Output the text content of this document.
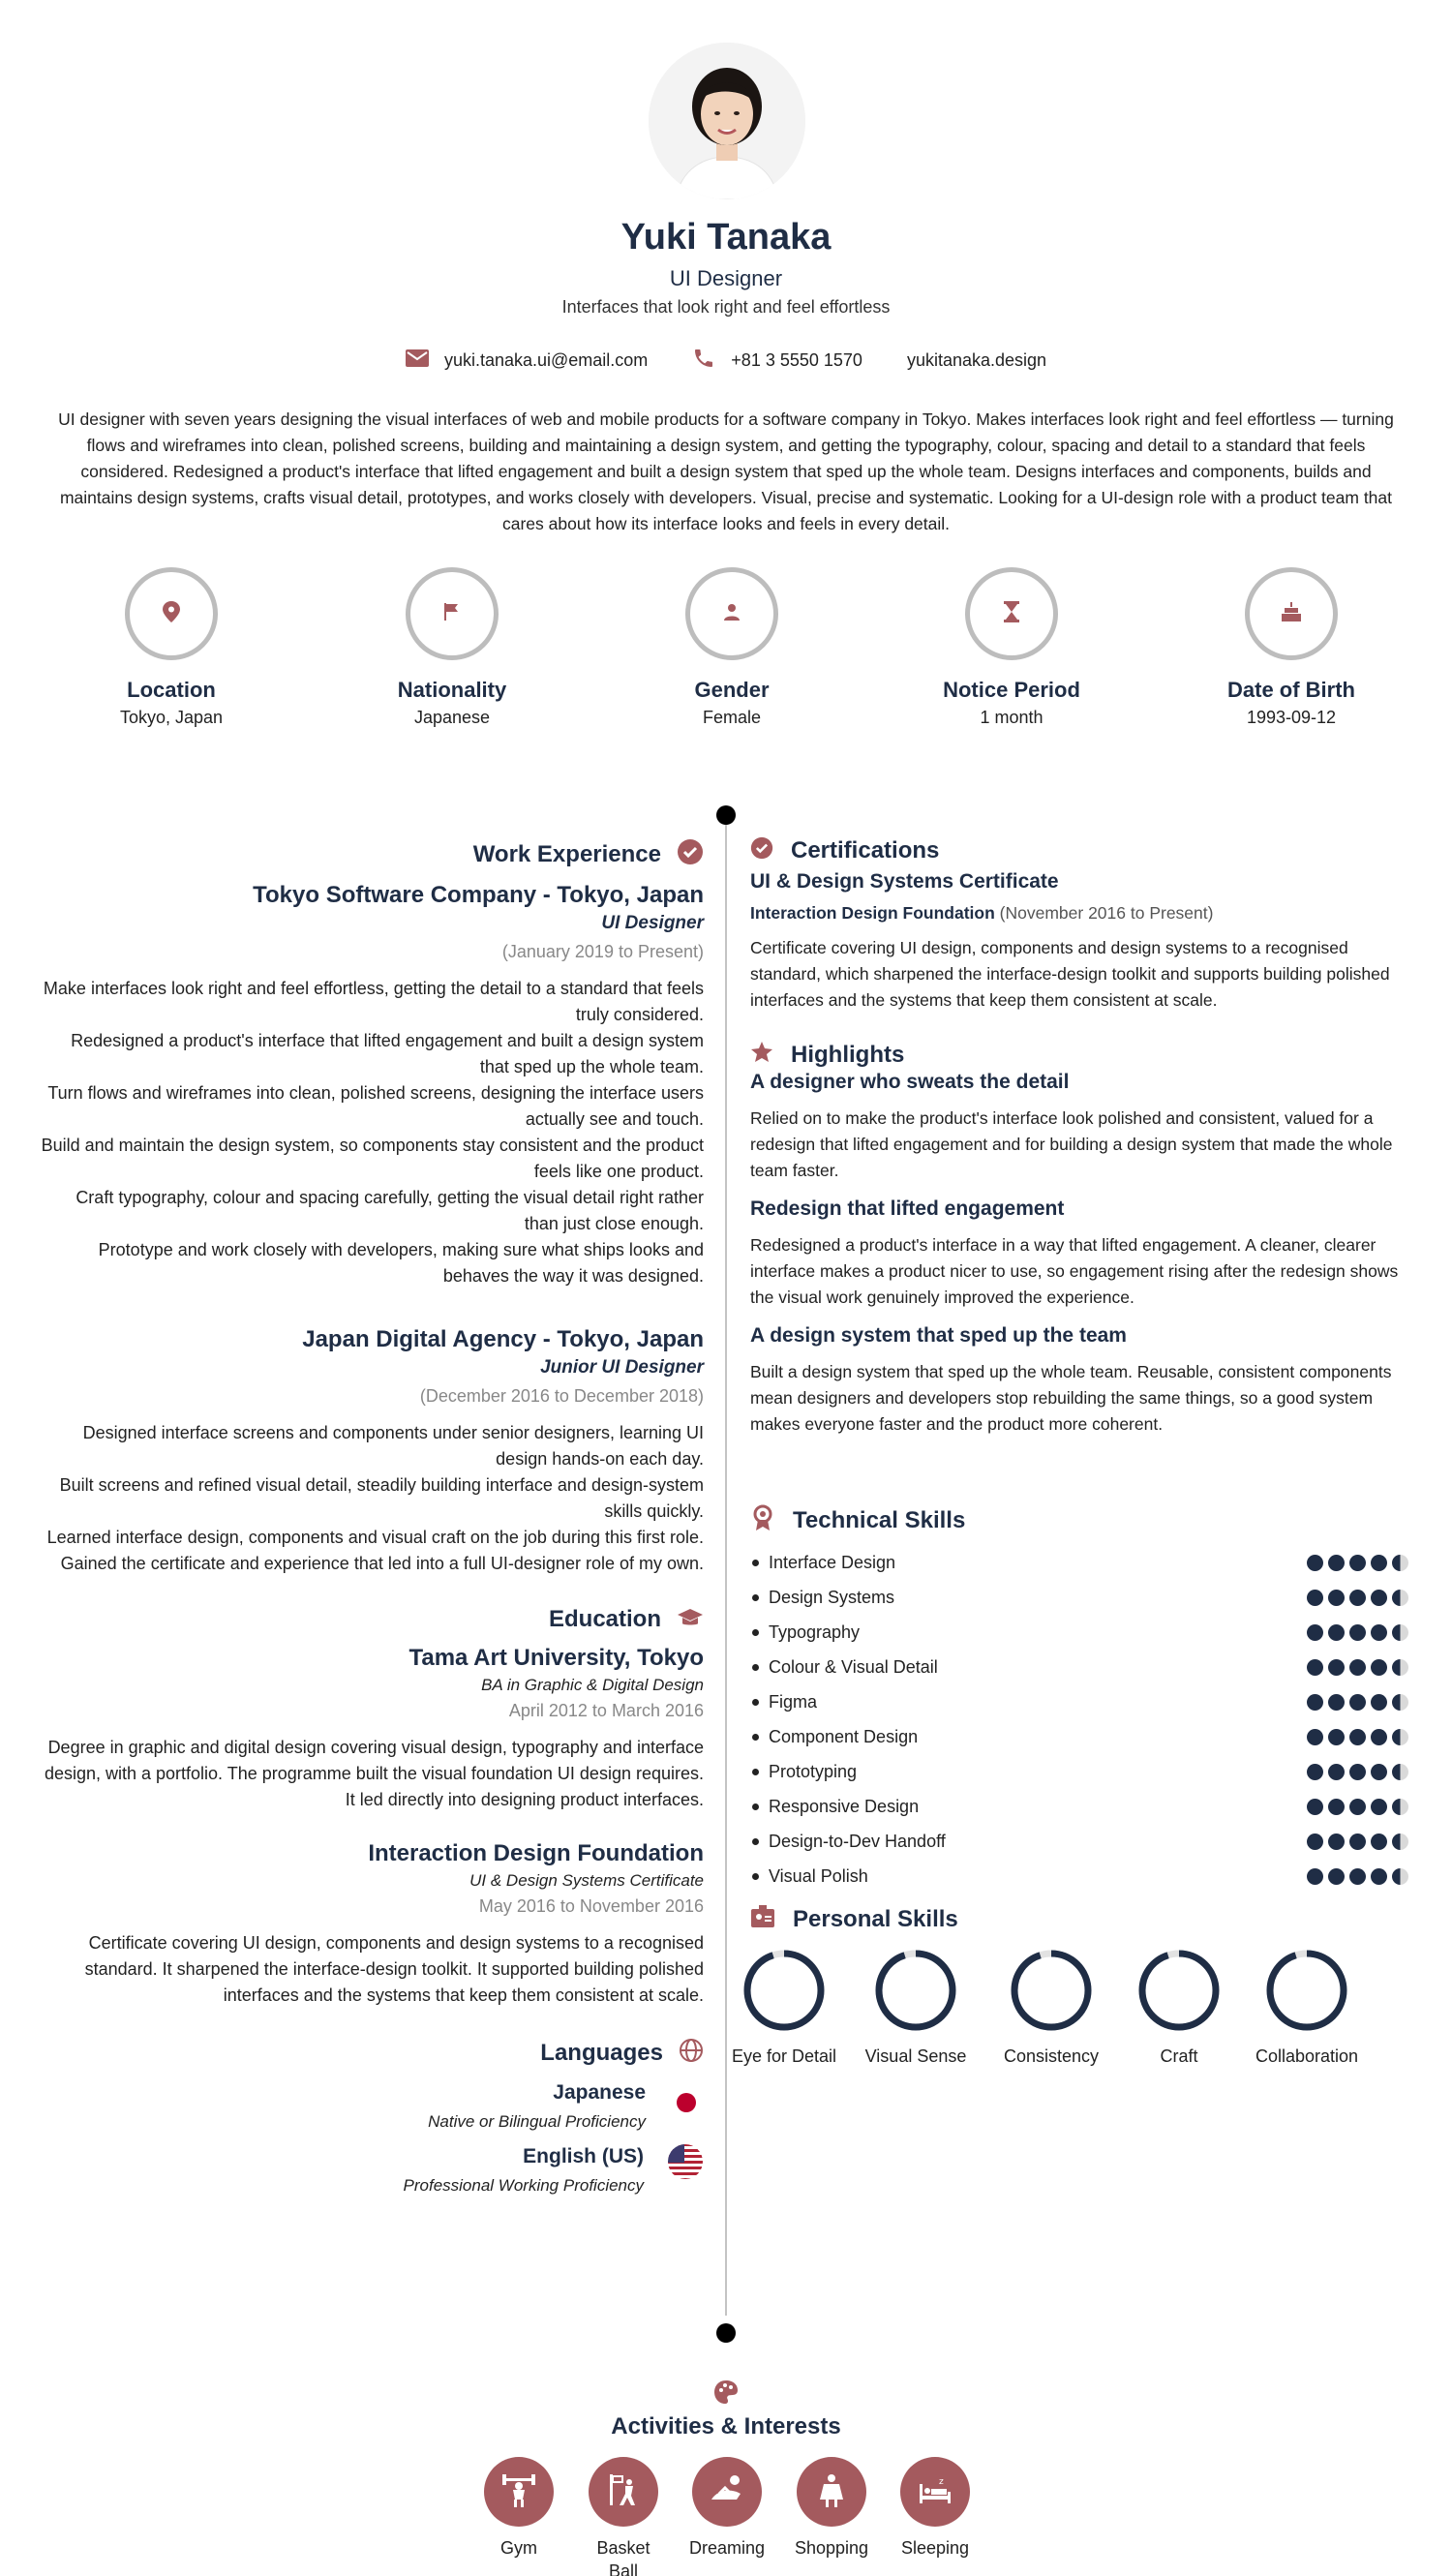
Yuki Tanaka
UI Designer
Interfaces that look right and feel effortless
yuki.tanaka.ui@email.com	+81 3 5550 1570	yukitanaka.design
UI designer with seven years designing the visual interfaces of web and mobile products for a software company in Tokyo. Makes interfaces look right and feel effortless — turning flows and wireframes into clean, polished screens, building and maintaining a design system, and getting the typography, colour, spacing and detail to a standard that feels considered. Redesigned a product's interface that lifted engagement and built a design system that sped up the whole team. Designs interfaces and components, builds and maintains design systems, crafts visual detail, prototypes, and works closely with developers. Visual, precise and systematic. Looking for a UI-design role with a product team that cares about how its interface looks and feels in every detail.
Location
Tokyo, Japan
Nationality
Japanese
Gender
Female
Notice Period
1 month
Date of Birth
1993-09-12
Work Experience
Tokyo Software Company - Tokyo, Japan
UI Designer
(January 2019 to Present)
Make interfaces look right and feel effortless, getting the detail to a standard that feels truly considered.
Redesigned a product's interface that lifted engagement and built a design system that sped up the whole team.
Turn flows and wireframes into clean, polished screens, designing the interface users actually see and touch.
Build and maintain the design system, so components stay consistent and the product feels like one product.
Craft typography, colour and spacing carefully, getting the visual detail right rather than just close enough.
Prototype and work closely with developers, making sure what ships looks and behaves the way it was designed.
Japan Digital Agency - Tokyo, Japan
Junior UI Designer
(December 2016 to December 2018)
Designed interface screens and components under senior designers, learning UI design hands-on each day.
Built screens and refined visual detail, steadily building interface and design-system skills quickly.
Learned interface design, components and visual craft on the job during this first role.
Gained the certificate and experience that led into a full UI-designer role of my own.
Education
Tama Art University, Tokyo
BA in Graphic & Digital Design
April 2012 to March 2016
Degree in graphic and digital design covering visual design, typography and interface design, with a portfolio. The programme built the visual foundation UI design requires. It led directly into designing product interfaces.
Interaction Design Foundation
UI & Design Systems Certificate
May 2016 to November 2016
Certificate covering UI design, components and design systems to a recognised standard. It sharpened the interface-design toolkit. It supported building polished interfaces and the systems that keep them consistent at scale.
Languages
Japanese
Native or Bilingual Proficiency
English (US)
Professional Working Proficiency
Certifications
UI & Design Systems Certificate
Interaction Design Foundation (November 2016 to Present)
Certificate covering UI design, components and design systems to a recognised standard, which sharpened the interface-design toolkit and supports building polished interfaces and the systems that keep them consistent at scale.
Highlights
A designer who sweats the detail
Relied on to make the product's interface look polished and consistent, valued for a redesign that lifted engagement and for building a design system that made the whole team faster.
Redesign that lifted engagement
Redesigned a product's interface in a way that lifted engagement. A cleaner, clearer interface makes a product nicer to use, so engagement rising after the redesign shows the visual work genuinely improved the experience.
A design system that sped up the team
Built a design system that sped up the whole team. Reusable, consistent components mean designers and developers stop rebuilding the same things, so a good system makes everyone faster and the product more coherent.
Technical Skills
Interface Design
Design Systems
Typography
Colour & Visual Detail
Figma
Component Design
Prototyping
Responsive Design
Design-to-Dev Handoff
Visual Polish
Personal Skills
Eye for Detail	Visual Sense	Consistency	Craft	Collaboration
Activities & Interests
Gym	Basket Ball
Dreaming	Shopping
z
Sleeping
